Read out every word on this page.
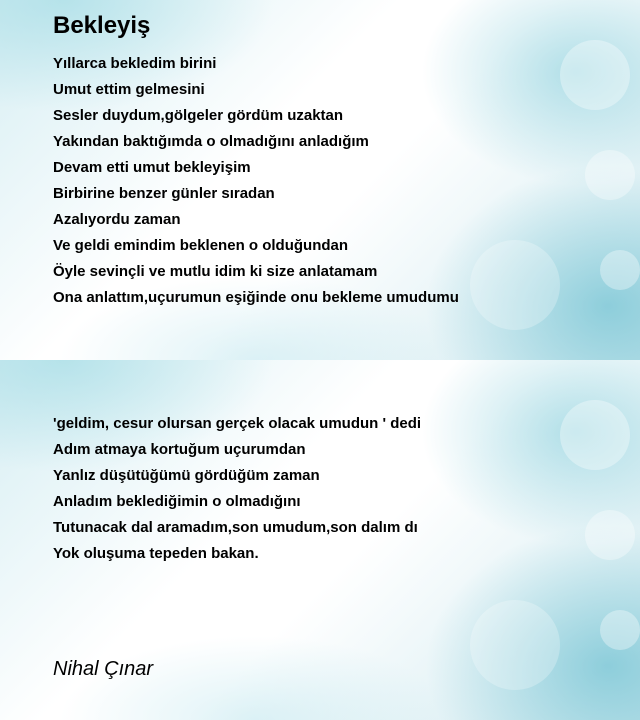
Bekleyiş
Yıllarca bekledim birini
Umut ettim gelmesini
Sesler duydum,gölgeler gördüm uzaktan
Yakından baktığımda o olmadığını anladığım
Devam etti umut bekleyişim
Birbirine benzer günler sıradan
Azalıyordu zaman
Ve geldi emindim beklenen o olduğundan
Öyle sevinçli ve mutlu idim ki size anlatamam
Ona anlattım,uçurumun eşiğinde onu bekleme umudumu
'geldim, cesur olursan gerçek olacak umudun ' dedi
Adım atmaya kortuğum uçurumdan
Yanlız düşütüğümü gördüğüm zaman
Anladım beklediğimin o olmadığını
Tutunacak dal aramadım,son umudum,son dalım dı
Yok oluşuma tepeden bakan.

Nihal Çınar
